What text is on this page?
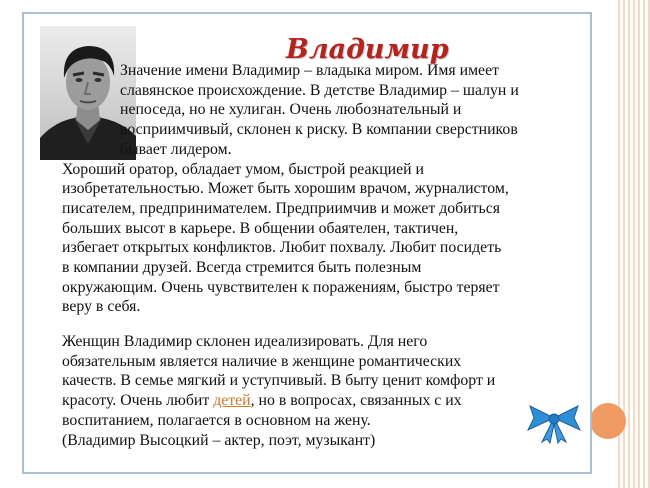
Владимир

Значение имени Владимир – владыка миром. Имя имеет

славянское происхождение. В детстве Владимир – шалун и

непоседа, но не хулиган. Очень любознательный и

восприимчивый, склонен к риску. В компании сверстников

бывает лидером.

Хороший оратор, обладает умом, быстрой реакцией и

изобретательностью. Может быть хорошим врачом, журналистом,

писателем, предпринимателем. Предприимчив и может добиться

больших высот в карьере. В общении обаятелен, тактичен,

избегает открытых конфликтов. Любит похвалу. Любит посидеть

в компании друзей. Всегда стремится быть полезным

окружающим. Очень чувствителен к поражениям, быстро теряет

веру в себя.

Женщин Владимир склонен идеализировать. Для него

обязательным является наличие в женщине романтических

качеств. В семье мягкий и уступчивый. В быту ценит комфорт и

красоту. Очень любит детей, но в вопросах, связанных с их

воспитанием, полагается в основном на жену.

(Владимир Высоцкий – актер, поэт, музыкант)
